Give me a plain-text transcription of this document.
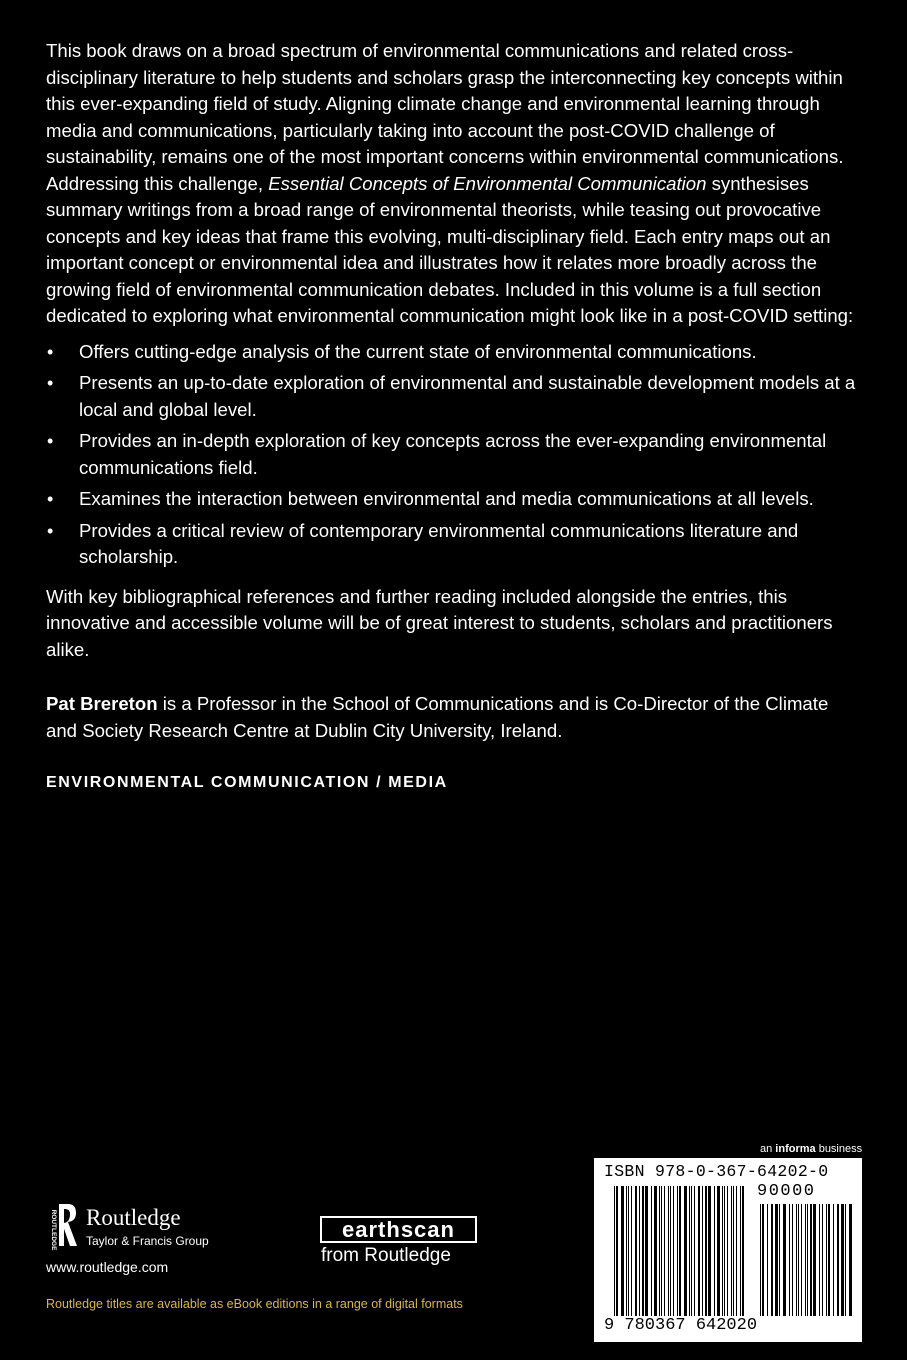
This book draws on a broad spectrum of environmental communications and related cross-disciplinary literature to help students and scholars grasp the interconnecting key concepts within this ever-expanding field of study. Aligning climate change and environmental learning through media and communications, particularly taking into account the post-COVID challenge of sustainability, remains one of the most important concerns within environmental communications. Addressing this challenge, Essential Concepts of Environmental Communication synthesises summary writings from a broad range of environmental theorists, while teasing out provocative concepts and key ideas that frame this evolving, multi-disciplinary field. Each entry maps out an important concept or environmental idea and illustrates how it relates more broadly across the growing field of environmental communication debates. Included in this volume is a full section dedicated to exploring what environmental communication might look like in a post-COVID setting:

• Offers cutting-edge analysis of the current state of environmental communications.
• Presents an up-to-date exploration of environmental and sustainable development models at a local and global level.
• Provides an in-depth exploration of key concepts across the ever-expanding environmental communications field.
• Examines the interaction between environmental and media communications at all levels.
• Provides a critical review of contemporary environmental communications literature and scholarship.

With key bibliographical references and further reading included alongside the entries, this innovative and accessible volume will be of great interest to students, scholars and practitioners alike.

Pat Brereton is a Professor in the School of Communications and is Co-Director of the Climate and Society Research Centre at Dublin City University, Ireland.

ENVIRONMENTAL COMMUNICATION / MEDIA

ROUTLEDGE Routledge
Taylor & Francis Group
www.routledge.com
earthscan
from Routledge
an informa business
ISBN 978-0-367-64202-0
90000
9 780367 642020
Routledge titles are available as eBook editions in a range of digital formats
